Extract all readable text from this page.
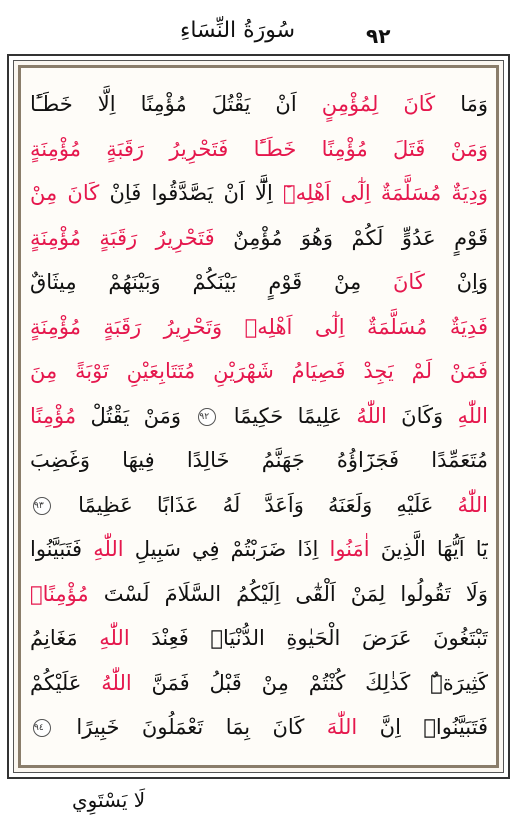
٩٢
سُورَةُ النِّسَاءِ
وَمَا كَانَ لِمُؤْمِنٍ اَنْ يَقْتُلَ مُؤْمِنًا اِلَّا خَطَـًٔا
وَمَنْ قَتَلَ مُؤْمِنًا خَطَـًٔا فَتَحْرِيرُ رَقَبَةٍ مُؤْمِنَةٍ
وَدِيَةٌ مُسَلَّمَةٌ اِلٰٓى اَهْلِهٖٓ اِلَّٓا اَنْ يَصَّدَّقُوا فَاِنْ كَانَ مِنْ
قَوْمٍ عَدُوٍّ لَكُمْ وَهُوَ مُؤْمِنٌ فَتَحْرِيرُ رَقَبَةٍ مُؤْمِنَةٍ
وَاِنْ كَانَ مِنْ قَوْمٍ بَيْنَكُمْ وَبَيْنَهُمْ مِيثَاقٌ
فَدِيَةٌ مُسَلَّمَةٌ اِلٰٓى اَهْلِهٖ وَتَحْرِيرُ رَقَبَةٍ مُؤْمِنَةٍ
فَمَنْ لَمْ يَجِدْ فَصِيَامُ شَهْرَيْنِ مُتَتَابِعَيْنِ تَوْبَةً مِنَ
اللّٰهِ وَكَانَ اللّٰهُ عَلِيمًا حَكِيمًا ٩٢ وَمَنْ يَقْتُلْ مُؤْمِنًا
مُتَعَمِّدًا فَجَزَٓاؤُهُ جَهَنَّمُ خَالِدًا فِيهَا وَغَضِبَ
اللّٰهُ عَلَيْهِ وَلَعَنَهُ وَاَعَدَّ لَهُ عَذَابًا عَظِيمًا ٩٣
يَٓا اَيُّهَا الَّذِينَ اٰمَنُوا اِذَا ضَرَبْتُمْ فِي سَبِيلِ اللّٰهِ فَتَبَيَّنُوا
وَلَا تَقُولُوا لِمَنْ اَلْقٰٓى اِلَيْكُمُ السَّلَامَ لَسْتَ مُؤْمِنًاۚ
تَبْتَغُونَ عَرَضَ الْحَيٰوةِ الدُّنْيَاۘ فَعِنْدَ اللّٰهِ مَغَانِمُ
كَثِيرَةٌۜ كَذٰلِكَ كُنْتُمْ مِنْ قَبْلُ فَمَنَّ اللّٰهُ عَلَيْكُمْ
فَتَبَيَّنُواۜ اِنَّ اللّٰهَ كَانَ بِمَا تَعْمَلُونَ خَبِيرًا ٩٤
لَا يَسْتَوِي
